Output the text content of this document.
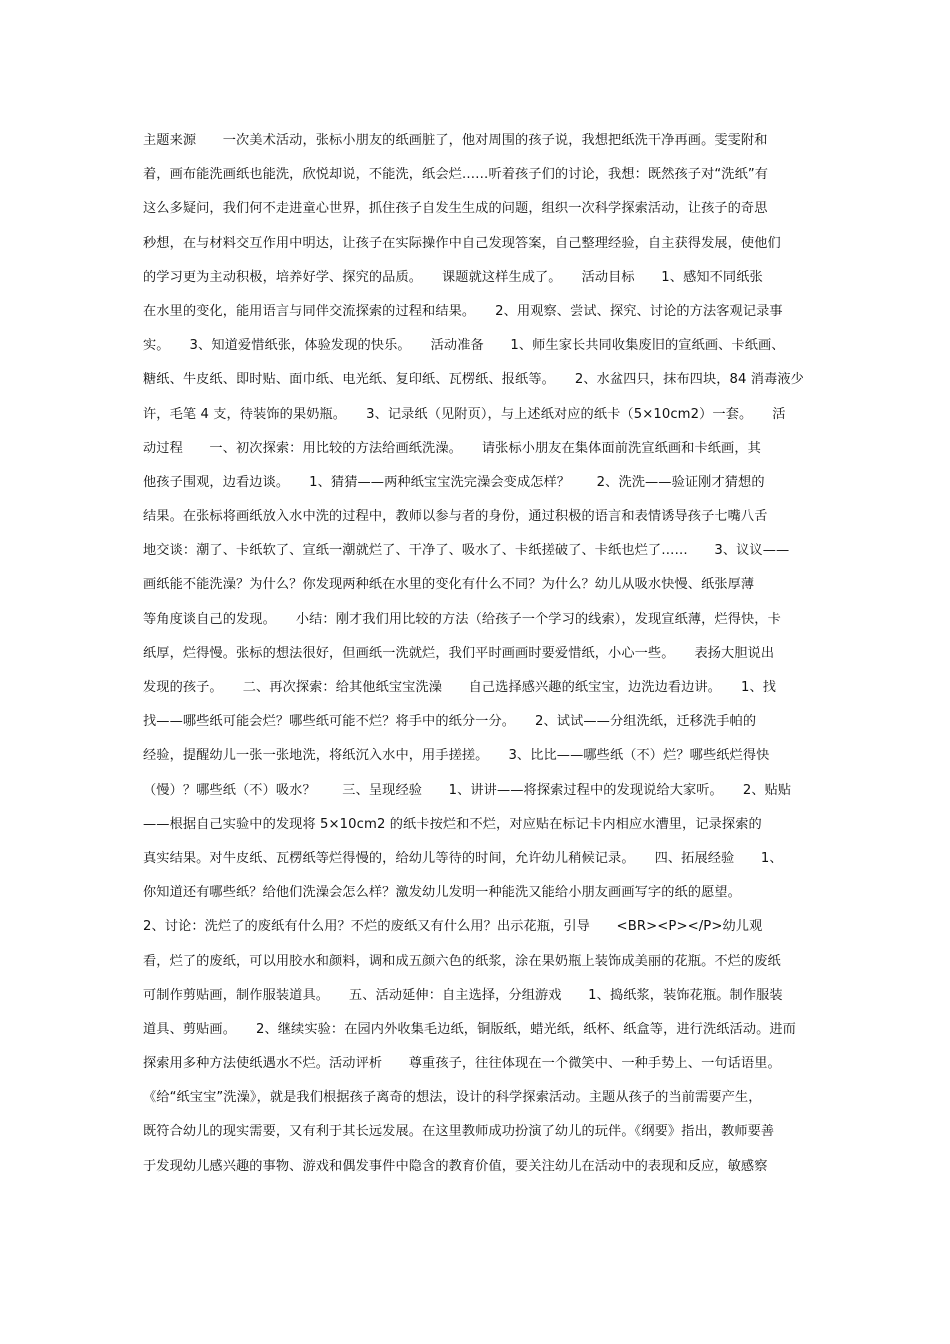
主题来源　　一次美术活动，张标小朋友的纸画脏了，他对周围的孩子说，我想把纸洗干净再画。雯雯附和
着，画布能洗画纸也能洗，欣悦却说，不能洗，纸会烂……听着孩子们的讨论，我想：既然孩子对“洗纸”有
这么多疑问，我们何不走进童心世界，抓住孩子自发生生成的问题，组织一次科学探索活动，让孩子的奇思
秒想，在与材料交互作用中明达，让孩子在实际操作中自己发现答案，自己整理经验，自主获得发展，使他们
的学习更为主动积极，培养好学、探究的品质。　　课题就这样生成了。　　活动目标　　1、感知不同纸张
在水里的变化，能用语言与同伴交流探索的过程和结果。　　2、用观察、尝试、探究、讨论的方法客观记录事
实。　　3、知道爱惜纸张，体验发现的快乐。　　活动准备　　1、师生家长共同收集废旧的宣纸画、卡纸画、
糖纸、牛皮纸、即时贴、面巾纸、电光纸、复印纸、瓦楞纸、报纸等。　　2、水盆四只，抹布四块，84 消毒液少
许，毛笔 4 支，待装饰的果奶瓶。　　3、记录纸（见附页），与上述纸对应的纸卡（5×10cm2）一套。　　活
动过程　　一、初次探索：用比较的方法给画纸洗澡。　　请张标小朋友在集体面前洗宣纸画和卡纸画，其
他孩子围观，边看边谈。　　1、猜猜——两种纸宝宝洗完澡会变成怎样？　　2、洗洗——验证刚才猜想的
结果。在张标将画纸放入水中洗的过程中，教师以参与者的身份，通过积极的语言和表情诱导孩子七嘴八舌
地交谈：潮了、卡纸软了、宣纸一潮就烂了、干净了、吸水了、卡纸搓破了、卡纸也烂了……　　3、议议——
画纸能不能洗澡？为什么？你发现两种纸在水里的变化有什么不同？为什么？幼儿从吸水快慢、纸张厚薄
等角度谈自己的发现。　　小结：刚才我们用比较的方法（给孩子一个学习的线索），发现宣纸薄，烂得快，卡
纸厚，烂得慢。张标的想法很好，但画纸一洗就烂，我们平时画画时要爱惜纸，小心一些。　　表扬大胆说出
发现的孩子。　　二、再次探索：给其他纸宝宝洗澡　　自己选择感兴趣的纸宝宝，边洗边看边讲。　　1、找
找——哪些纸可能会烂？哪些纸可能不烂？将手中的纸分一分。　　2、试试——分组洗纸，迁移洗手帕的
经验，提醒幼儿一张一张地洗，将纸沉入水中，用手搓搓。　　3、比比——哪些纸（不）烂？哪些纸烂得快
（慢）？哪些纸（不）吸水？　　三、呈现经验　　1、讲讲——将探索过程中的发现说给大家听。　　2、贴贴
——根据自己实验中的发现将 5×10cm2 的纸卡按烂和不烂，对应贴在标记卡内相应水漕里，记录探索的
真实结果。对牛皮纸、瓦楞纸等烂得慢的，给幼儿等待的时间，允许幼儿稍候记录。　　四、拓展经验　　1、
你知道还有哪些纸？给他们洗澡会怎么样？激发幼儿发明一种能洗又能给小朋友画画写字的纸的愿望。
2、讨论：洗烂了的废纸有什么用？不烂的废纸又有什么用？出示花瓶，引导　　<BR><P></P>幼儿观
看，烂了的废纸，可以用胶水和颜料，调和成五颜六色的纸浆，涂在果奶瓶上装饰成美丽的花瓶。不烂的废纸
可制作剪贴画，制作服装道具。　　五、活动延伸：自主选择，分组游戏　　1、捣纸浆，装饰花瓶。制作服装
道具、剪贴画。　　2、继续实验：在园内外收集毛边纸，铜版纸，蜡光纸，纸杯、纸盒等，进行洗纸活动。进而
探索用多种方法使纸遇水不烂。活动评析　　尊重孩子，往往体现在一个微笑中、一种手势上、一句话语里。
《给“纸宝宝”洗澡》，就是我们根据孩子离奇的想法，设计的科学探索活动。主题从孩子的当前需要产生，
既符合幼儿的现实需要，又有利于其长远发展。在这里教师成功扮演了幼儿的玩伴。《纲要》指出，教师要善
于发现幼儿感兴趣的事物、游戏和偶发事件中隐含的教育价值，要关注幼儿在活动中的表现和反应，敏感察
